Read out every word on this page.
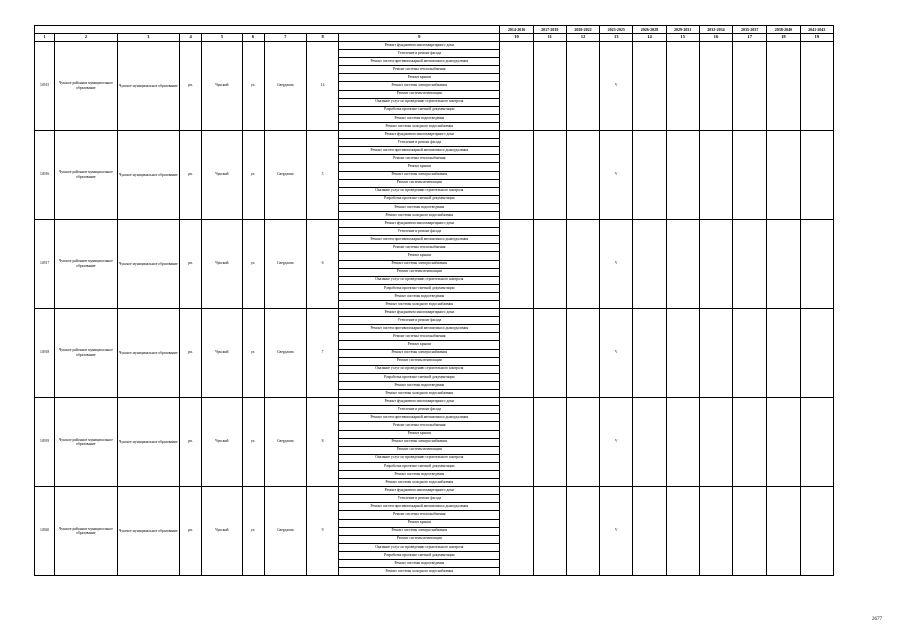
									2014-2016	2017-2019	2020-2022	2023-2025	2026-2028	2029-2031	2032-2034	2035-2037	2038-2040	2041-2043
1	2	3	4	5	6	7	8	9	10	11	12	13	14	15	16	17	18	19
14915	Чукское районное муниципальное образование	Чукское муниципальное образование	рп.	Чукский	ул.	Свердлова	14	Ремонт фундамента многоквартирного дома				V						
								Утепление и ремонт фасада										
								Ремонт систем противопожарной автоматики и дымоудаления										
								Ремонт системы теплоснабжения										
								Ремонт крыши										
								Ремонт системы электроснабжения										
								Ремонт системы вентиляции										
								Оказание услуг по проведению строительного контроля										
								Разработка проектно-сметной документации										
								Ремонт системы водоотведения										
								Ремонт системы холодного водоснабжения										
14916	Чукское районное муниципальное образование	Чукское муниципальное образование	рп.	Чукский	ул.	Свердлова	5	Ремонт фундамента многоквартирного дома				V						
								Утепление и ремонт фасада										
								Ремонт систем противопожарной автоматики и дымоудаления										
								Ремонт системы теплоснабжения										
								Ремонт крыши										
								Ремонт системы электроснабжения										
								Ремонт системы вентиляции										
								Оказание услуг по проведению строительного контроля										
								Разработка проектно-сметной документации										
								Ремонт системы водоотведения										
								Ремонт системы холодного водоснабжения										
14917	Чукское районное муниципальное образование	Чукское муниципальное образование	рп.	Чукский	ул.	Свердлова	6	Ремонт фундамента многоквартирного дома				V						
								Утепление и ремонт фасада										
								Ремонт систем противопожарной автоматики и дымоудаления										
								Ремонт системы теплоснабжения										
								Ремонт крыши										
								Ремонт системы электроснабжения										
								Ремонт системы вентиляции										
								Оказание услуг по проведению строительного контроля										
								Разработка проектно-сметной документации										
								Ремонт системы водоотведения										
								Ремонт системы холодного водоснабжения										
14918	Чукское районное муниципальное образование	Чукское муниципальное образование	рп.	Чукский	ул.	Свердлова	7	Ремонт фундамента многоквартирного дома				V						
								Утепление и ремонт фасада										
								Ремонт систем противопожарной автоматики и дымоудаления										
								Ремонт системы теплоснабжения										
								Ремонт крыши										
								Ремонт системы электроснабжения										
								Ремонт системы вентиляции										
								Оказание услуг по проведению строительного контроля										
								Разработка проектно-сметной документации										
								Ремонт системы водоотведения										
								Ремонт системы холодного водоснабжения										
14919	Чукское районное муниципальное образование	Чукское муниципальное образование	рп.	Чукский	ул.	Свердлова	8	Ремонт фундамента многоквартирного дома				V						
								Утепление и ремонт фасада										
								Ремонт систем противопожарной автоматики и дымоудаления										
								Ремонт системы теплоснабжения										
								Ремонт крыши										
								Ремонт системы электроснабжения										
								Ремонт системы вентиляции										
								Оказание услуг по проведению строительного контроля										
								Разработка проектно-сметной документации										
								Ремонт системы водоотведения										
								Ремонт системы холодного водоснабжения										
14920	Чукское районное муниципальное образование	Чукское муниципальное образование	рп.	Чукский	ул.	Свердлова	9	Ремонт фундамента многоквартирного дома				V						
								Утепление и ремонт фасада										
								Ремонт систем противопожарной автоматики и дымоудаления										
								Ремонт системы теплоснабжения										
								Ремонт крыши										
								Ремонт системы электроснабжения										
								Ремонт системы вентиляции										
								Оказание услуг по проведению строительного контроля										
								Разработка проектно-сметной документации										
								Ремонт системы водоотведения										
								Ремонт системы холодного водоснабжения										
2677
